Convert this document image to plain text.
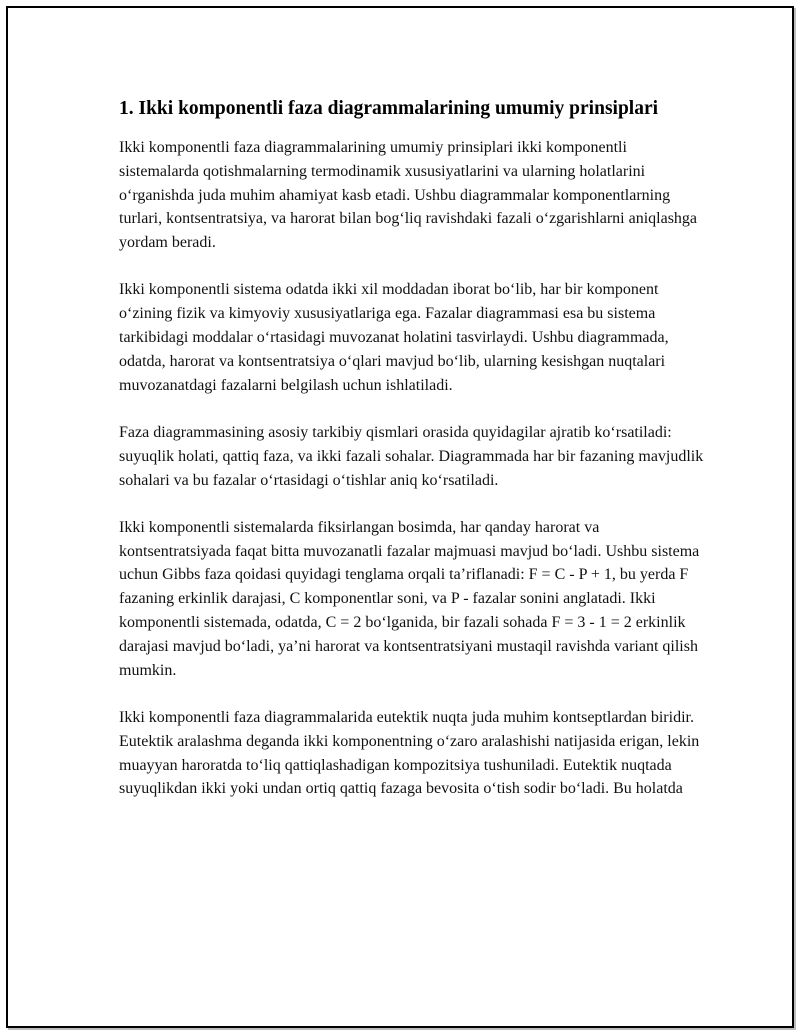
1. Ikki komponentli faza diagrammalarining umumiy prinsiplari

Ikki komponentli faza diagrammalarining umumiy prinsiplari ikki komponentli sistemalarda qotishmalarning termodinamik xususiyatlarini va ularning holatlarini o‘rganishda juda muhim ahamiyat kasb etadi. Ushbu diagrammalar komponentlarning turlari, kontsentratsiya, va harorat bilan bog‘liq ravishdaki fazali o‘zgarishlarni aniqlashga yordam beradi.

Ikki komponentli sistema odatda ikki xil moddadan iborat bo‘lib, har bir komponent o‘zining fizik va kimyoviy xususiyatlariga ega. Fazalar diagrammasi esa bu sistema tarkibidagi moddalar o‘rtasidagi muvozanat holatini tasvirlaydi. Ushbu diagrammada, odatda, harorat va kontsentratsiya o‘qlari mavjud bo‘lib, ularning kesishgan nuqtalari muvozanatdagi fazalarni belgilash uchun ishlatiladi.

Faza diagrammasining asosiy tarkibiy qismlari orasida quyidagilar ajratib ko‘rsatiladi: suyuqlik holati, qattiq faza, va ikki fazali sohalar. Diagrammada har bir fazaning mavjudlik sohalari va bu fazalar o‘rtasidagi o‘tishlar aniq ko‘rsatiladi.

Ikki komponentli sistemalarda fiksirlangan bosimda, har qanday harorat va kontsentratsiyada faqat bitta muvozanatli fazalar majmuasi mavjud bo‘ladi. Ushbu sistema uchun Gibbs faza qoidasi quyidagi tenglama orqali ta’riflanadi: F = C - P + 1, bu yerda F fazaning erkinlik darajasi, C komponentlar soni, va P - fazalar sonini anglatadi. Ikki komponentli sistemada, odatda, C = 2 bo‘lganida, bir fazali sohada F = 3 - 1 = 2 erkinlik darajasi mavjud bo‘ladi, ya’ni harorat va kontsentratsiyani mustaqil ravishda variant qilish mumkin.

Ikki komponentli faza diagrammalarida eutektik nuqta juda muhim kontseptlardan biridir. Eutektik aralashma deganda ikki komponentning o‘zaro aralashishi natijasida erigan, lekin muayyan haroratda to‘liq qattiqlashadigan kompozitsiya tushuniladi. Eutektik nuqtada suyuqlikdan ikki yoki undan ortiq qattiq fazaga bevosita o‘tish sodir bo‘ladi. Bu holatda
